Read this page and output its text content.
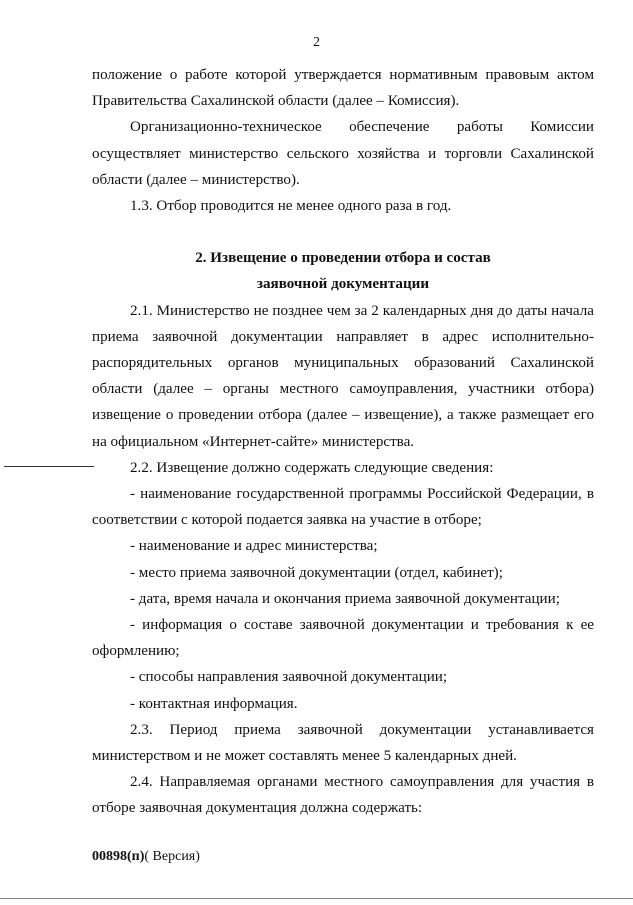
2

положение о работе которой утверждается нормативным правовым актом Правительства Сахалинской области (далее – Комиссия).

Организационно-техническое обеспечение работы Комиссии осуществляет министерство сельского хозяйства и торговли Сахалинской области (далее – министерство).

1.3. Отбор проводится не менее одного раза в год.

2. Извещение о проведении отбора и состав
заявочной документации

2.1. Министерство не позднее чем за 2 календарных дня до даты начала приема заявочной документации направляет в адрес исполнительно-распорядительных органов муниципальных образований Сахалинской области (далее – органы местного самоуправления, участники отбора) извещение о проведении отбора (далее – извещение), а также размещает его на официальном «Интернет-сайте» министерства.

2.2. Извещение должно содержать следующие сведения:

- наименование государственной программы Российской Федерации, в соответствии с которой подается заявка на участие в отборе;

- наименование и адрес министерства;

- место приема заявочной документации (отдел, кабинет);

- дата, время начала и окончания приема заявочной документации;

- информация о составе заявочной документации и требования к ее оформлению;

- способы направления заявочной документации;

- контактная информация.

2.3. Период приема заявочной документации устанавливается министерством и не может составлять менее 5 календарных дней.

2.4. Направляемая органами местного самоуправления для участия в отборе заявочная документация должна содержать:

00898(п)( Версия)
